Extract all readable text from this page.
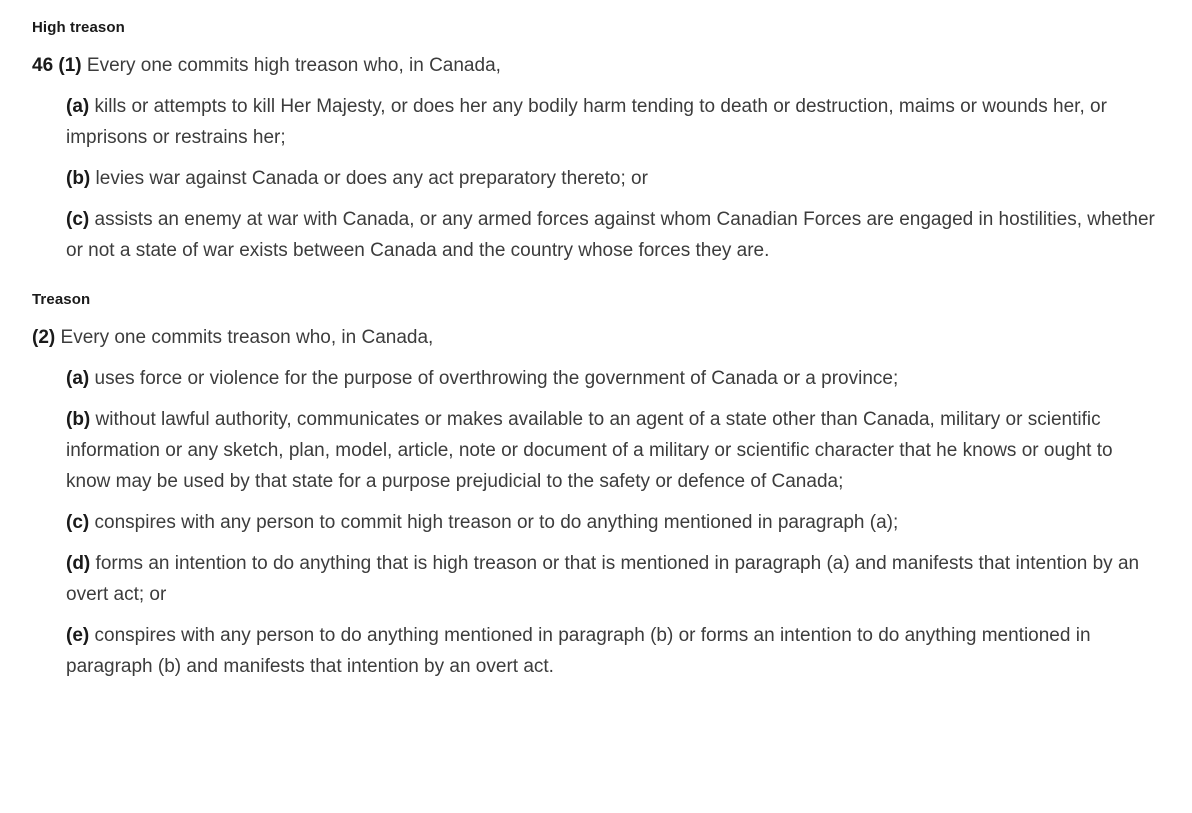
High treason

46 (1) Every one commits high treason who, in Canada,

(a) kills or attempts to kill Her Majesty, or does her any bodily harm tending to death or destruction, maims or wounds her, or imprisons or restrains her;

(b) levies war against Canada or does any act preparatory thereto; or

(c) assists an enemy at war with Canada, or any armed forces against whom Canadian Forces are engaged in hostilities, whether or not a state of war exists between Canada and the country whose forces they are.

Treason

(2) Every one commits treason who, in Canada,

(a) uses force or violence for the purpose of overthrowing the government of Canada or a province;

(b) without lawful authority, communicates or makes available to an agent of a state other than Canada, military or scientific information or any sketch, plan, model, article, note or document of a military or scientific character that he knows or ought to know may be used by that state for a purpose prejudicial to the safety or defence of Canada;

(c) conspires with any person to commit high treason or to do anything mentioned in paragraph (a);

(d) forms an intention to do anything that is high treason or that is mentioned in paragraph (a) and manifests that intention by an overt act; or

(e) conspires with any person to do anything mentioned in paragraph (b) or forms an intention to do anything mentioned in paragraph (b) and manifests that intention by an overt act.
